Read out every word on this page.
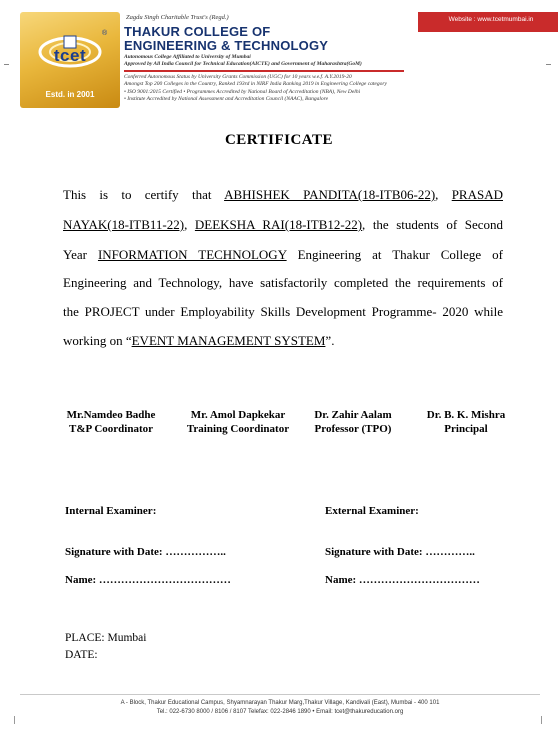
tcet
®
Estd. in 2001
Website : www.tcetmumbai.in
Zagdu Singh Charitable Trust's (Regd.)
THAKUR COLLEGE OF
ENGINEERING & TECHNOLOGY
Autonomous College Affiliated to University of Mumbai
Approved by All India Council for Technical Education(AICTE) and Government of Maharashtra(GoM)
Conferred Autonomous Status by University Grants Commission (UGC) for 10 years w.e.f. A.Y.2019-20
Amongst Top 200 Colleges in the Country, Ranked 193rd in NIRF India Ranking 2019 in Engineering College category
• ISO 9001:2015 Certified • Programmes Accredited by National Board of Accreditation (NBA), New Delhi
• Institute Accredited by National Assessment and Accreditation Council (NAAC), Bangalore
CERTIFICATE
This is to certify that ABHISHEK PANDITA(18-ITB06-22), PRASAD
NAYAK(18-ITB11-22), DEEKSHA RAI(18-ITB12-22), the students of Second
Year INFORMATION TECHNOLOGY Engineering at Thakur College of
Engineering and Technology, have satisfactorily completed the requirements of
the PROJECT under Employability Skills Development Programme- 2020 while
working on “EVENT MANAGEMENT SYSTEM”.
Mr.Namdeo Badhe
T&P Coordinator
Mr. Amol Dapkekar
Training Coordinator
Dr. Zahir Aalam
Professor (TPO)
Dr. B. K. Mishra
Principal
Internal Examiner:	External Examiner:
Signature with Date: ……………..	Signature with Date: …………..
Name: ………………………………	Name: ……………………………
PLACE: Mumbai
DATE:
A - Block, Thakur Educational Campus, Shyamnarayan Thakur Marg,Thakur Village, Kandivali (East), Mumbai - 400 101
Tel.: 022-6730 8000 / 8106 / 8107 Telefax: 022-2846 1890 • Email: tcet@thakureducation.org
